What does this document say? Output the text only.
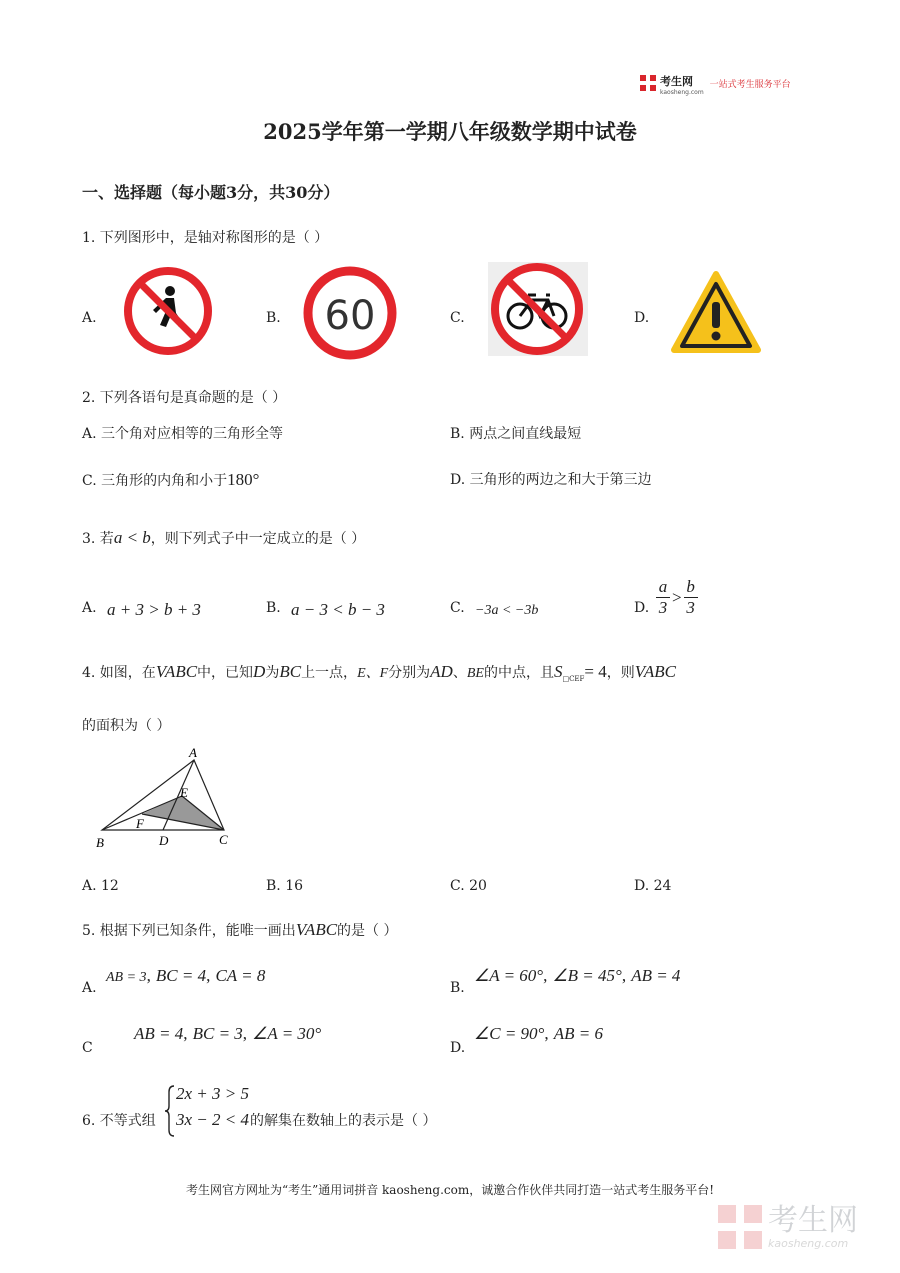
考生网
kaosheng.com
一站式考生服务平台
2025学年第一学期八年级数学期中试卷
一、选择题（每小题3分，共30分）
1. 下列图形中，是轴对称图形的是（ ）
A.	B.	C.	D.
60
2. 下列各语句是真命题的是（ ）
A. 三个角对应相等的三角形全等	B. 两点之间直线最短
C. 三角形的内角和小于180°	D. 三角形的两边之和大于第三边
3. 若a < b，则下列式子中一定成立的是（ ）
A. a + 3 > b + 3	B. a − 3 < b − 3	C. −3a < −3b	D. $\frac{a}{3} > \frac{b}{3}$
4. 如图，在VABC中，已知D为BC上一点，E、F分别为AD、BE的中点，且$S_{□CEF}= 4$，则VABC
的面积为（ ）
A
B	C
D
E
F
A. 12	B. 16	C. 20	D. 24
5. 根据下列已知条件，能唯一画出VABC的是（ ）
A.
AB = 3, BC = 4, CA = 8
B.
∠A = 60°, ∠B = 45°, AB = 4
C
AB = 4, BC = 3, ∠A = 30°
D.
∠C = 90°, AB = 6
6. 不等式组
2x + 3 > 5
3x − 2 < 4 的解集在数轴上的表示是（ ）
考生网官方网址为“考生”通用词拼音 kaosheng.com，诚邀合作伙伴共同打造一站式考生服务平台!
考生网
kaosheng.com
